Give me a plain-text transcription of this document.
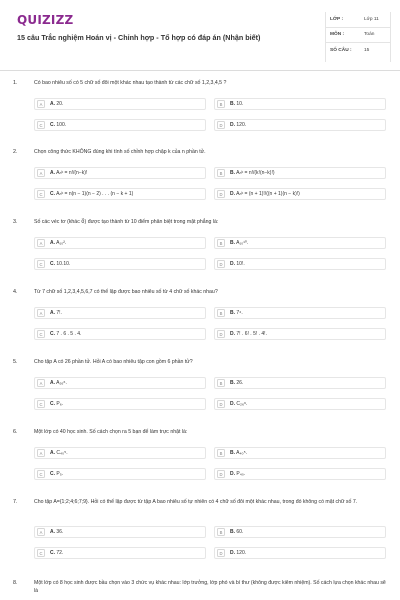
QUIZIZZ
15 câu Trắc nghiệm Hoán vị - Chỉnh hợp - Tổ hợp có đáp án (Nhận biết)
LỚP :	Lớp 11
MÔN :	Toán
SỐ CÂU :	15
1.	Có bao nhiêu số có 5 chữ số đôi một khác nhau tạo thành từ các chữ số 1,2,3,4,5 ?
A	A. 20.	B	B. 10.
C	C. 100.	D	D. 120.
2.	Chọn công thức KHÔNG đúng khi tính số chỉnh hợp chập k của n phần tử.
A	A. Aₙᵏ = n!/(n−k)!	B	B. Aₙᵏ = n!/(k!(n−k)!)
C	C. Aₙᵏ = n(n − 1)(n − 2) . . . (n − k + 1)	D	D. Aₙᵏ = (n + 1)!/((n + 1)(n − k)!)
3.	Số các véc tơ (khác 0⃗) được tạo thành từ 10 điểm phân biệt trong mặt phẳng là:
A	A. A₁₀².	B	B. A₁₀¹⁰.
C	C. 10.10.	D	D. 10!.
4.	Từ 7 chữ số 1,2,3,4,5,6,7 có thể lập được bao nhiêu số từ 4 chữ số khác nhau?
A	A. 7!.	B	B. 7⁴.
C	C. 7 . 6 . 5 . 4.	D	D. 7! . 6! . 5! . 4!.
5.	Cho tập A có 26 phần tử. Hỏi A có bao nhiêu tập con gồm 6 phần tử?
A	A. A₂₆⁶.	B	B. 26.
C	C. P₆.	D	D. C₂₆⁶.
6.	Một lớp có 40 học sinh. Số cách chọn ra 5 bạn để làm trực nhật là:
A	A. C₄₀⁵.	B	B. A₄₀⁵.
C	C. P₅.	D	D. P₄₀.
7.	Cho tập A={1;2;4;6;7;9}. Hỏi có thể lập được từ tập A bao nhiêu số tự nhiên có 4 chữ số đôi một khác nhau, trong đó không có mặt chữ số 7.
A	A. 36.	B	B. 60.
C	C. 72.	D	D. 120.
8.	Một lớp có 8 học sinh được bầu chọn vào 3 chức vụ khác nhau: lớp trưởng, lớp phó và bí thư (không được kiêm nhiệm). Số cách lựa chọn khác nhau sẽ là
